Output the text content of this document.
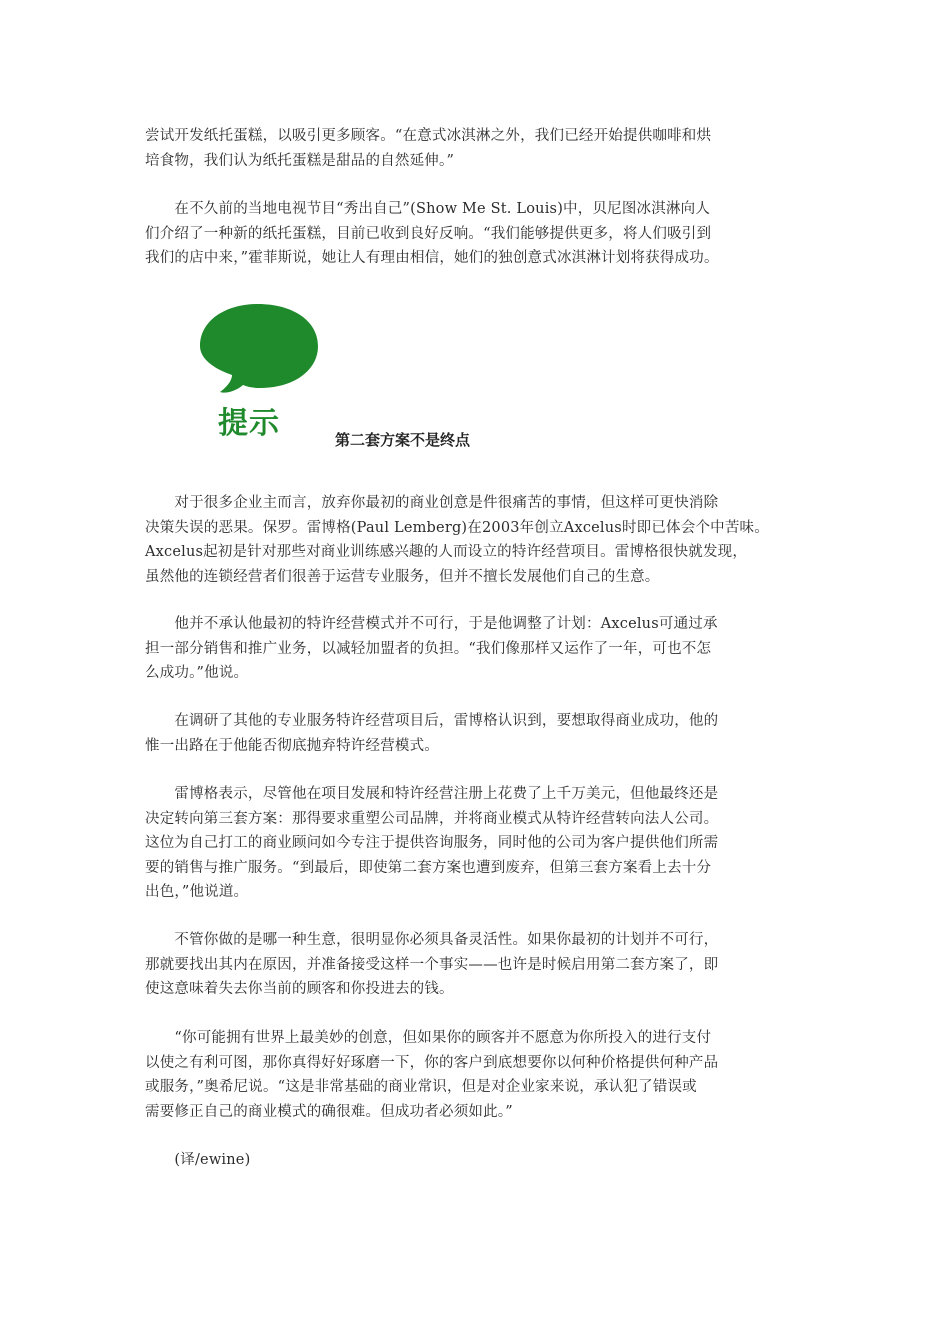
尝试开发纸托蛋糕，以吸引更多顾客。“在意式冰淇淋之外，我们已经开始提供咖啡和烘
培食物，我们认为纸托蛋糕是甜品的自然延伸。”

　　在不久前的当地电视节目“秀出自己”(Show Me St. Louis)中，贝尼图冰淇淋向人
们介绍了一种新的纸托蛋糕，目前已收到良好反响。“我们能够提供更多，将人们吸引到
我们的店中来，”霍菲斯说，她让人有理由相信，她们的独创意式冰淇淋计划将获得成功。

提示	第二套方案不是终点

　　对于很多企业主而言，放弃你最初的商业创意是件很痛苦的事情，但这样可更快消除
决策失误的恶果。保罗。雷博格(Paul Lemberg)在2003年创立Axcelus时即已体会个中苦味。
Axcelus起初是针对那些对商业训练感兴趣的人而设立的特许经营项目。雷博格很快就发现，
虽然他的连锁经营者们很善于运营专业服务，但并不擅长发展他们自己的生意。

　　他并不承认他最初的特许经营模式并不可行，于是他调整了计划：Axcelus可通过承
担一部分销售和推广业务，以减轻加盟者的负担。“我们像那样又运作了一年，可也不怎
么成功。”他说。

　　在调研了其他的专业服务特许经营项目后，雷博格认识到，要想取得商业成功，他的
惟一出路在于他能否彻底抛弃特许经营模式。

　　雷博格表示，尽管他在项目发展和特许经营注册上花费了上千万美元，但他最终还是
决定转向第三套方案：那得要求重塑公司品牌，并将商业模式从特许经营转向法人公司。
这位为自己打工的商业顾问如今专注于提供咨询服务，同时他的公司为客户提供他们所需
要的销售与推广服务。“到最后，即使第二套方案也遭到废弃，但第三套方案看上去十分
出色，”他说道。

　　不管你做的是哪一种生意，很明显你必须具备灵活性。如果你最初的计划并不可行，
那就要找出其内在原因，并准备接受这样一个事实——也许是时候启用第二套方案了，即
使这意味着失去你当前的顾客和你投进去的钱。

　　“你可能拥有世界上最美妙的创意，但如果你的顾客并不愿意为你所投入的进行支付
以使之有利可图，那你真得好好琢磨一下，你的客户到底想要你以何种价格提供何种产品
或服务，”奥希尼说。“这是非常基础的商业常识，但是对企业家来说，承认犯了错误或
需要修正自己的商业模式的确很难。但成功者必须如此。”

　　(译/ewine)
